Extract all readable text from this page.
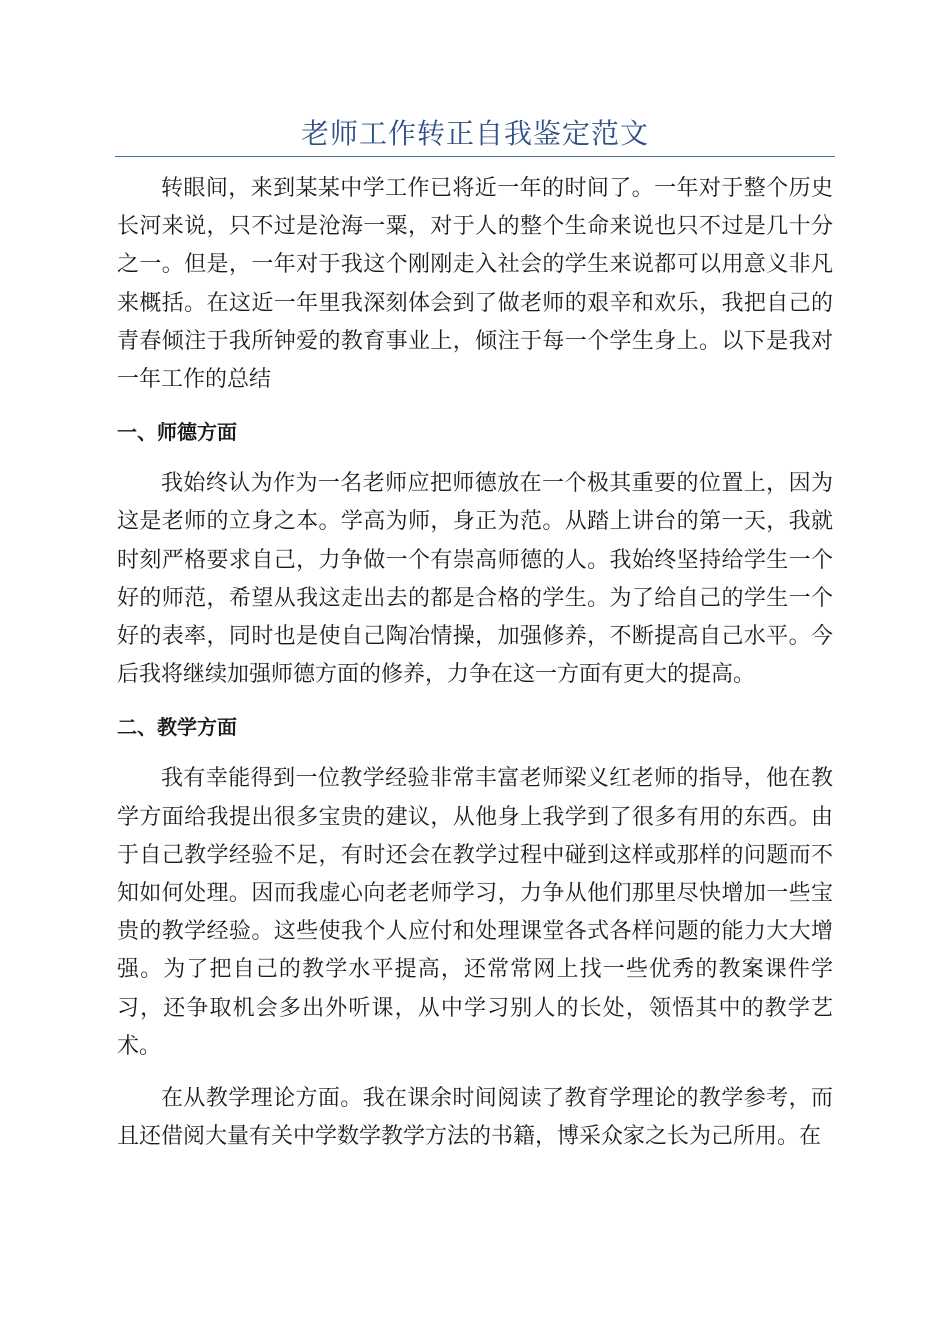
老师工作转正自我鉴定范文

转眼间，来到某某中学工作已将近一年的时间了。一年对于整个历史长河来说，只不过是沧海一粟，对于人的整个生命来说也只不过是几十分之一。但是，一年对于我这个刚刚走入社会的学生来说都可以用意义非凡来概括。在这近一年里我深刻体会到了做老师的艰辛和欢乐，我把自己的青春倾注于我所钟爱的教育事业上，倾注于每一个学生身上。以下是我对一年工作的总结

一、师德方面

我始终认为作为一名老师应把师德放在一个极其重要的位置上，因为这是老师的立身之本。学高为师，身正为范。从踏上讲台的第一天，我就时刻严格要求自己，力争做一个有崇高师德的人。我始终坚持给学生一个好的师范，希望从我这走出去的都是合格的学生。为了给自己的学生一个好的表率，同时也是使自己陶冶情操，加强修养，不断提高自己水平。今后我将继续加强师德方面的修养，力争在这一方面有更大的提高。

二、教学方面

我有幸能得到一位教学经验非常丰富老师梁义红老师的指导，他在教学方面给我提出很多宝贵的建议，从他身上我学到了很多有用的东西。由于自己教学经验不足，有时还会在教学过程中碰到这样或那样的问题而不知如何处理。因而我虚心向老老师学习，力争从他们那里尽快增加一些宝贵的教学经验。这些使我个人应付和处理课堂各式各样问题的能力大大增强。为了把自己的教学水平提高，还常常网上找一些优秀的教案课件学习，还争取机会多出外听课，从中学习别人的长处，领悟其中的教学艺术。

在从教学理论方面。我在课余时间阅读了教育学理论的教学参考，而且还借阅大量有关中学数学教学方法的书籍，博采众家之长为己所用。在
